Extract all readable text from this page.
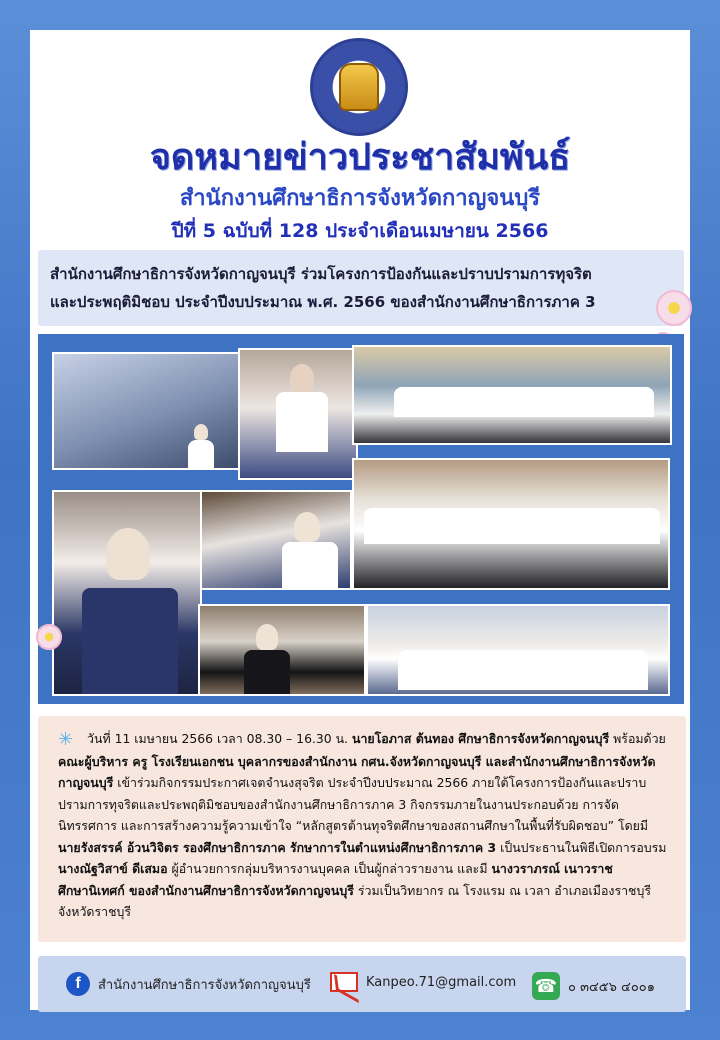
จดหมายข่าวประชาสัมพันธ์
สำนักงานศึกษาธิการจังหวัดกาญจนบุรี
ปีที่ 5 ฉบับที่ 128 ประจำเดือนเมษายน 2566
สำนักงานศึกษาธิการจังหวัดกาญจนบุรี ร่วมโครงการป้องกันและปราบปรามการทุจริต
และประพฤติมิชอบ ประจำปีงบประมาณ พ.ศ. 2566 ของสำนักงานศึกษาธิการภาค 3

✳ วันที่ 11 เมษายน 2566 เวลา 08.30 – 16.30 น. นายโอภาส ต้นทอง ศึกษาธิการจังหวัดกาญจนบุรี พร้อมด้วยคณะผู้บริหาร ครู โรงเรียนเอกชน บุคลากรของสำนักงาน กศน.จังหวัดกาญจนบุรี และสำนักงานศึกษาธิการจังหวัดกาญจนบุรี เข้าร่วมกิจกรรมประกาศเจตจำนงสุจริต ประจำปีงบประมาณ 2566 ภายใต้โครงการป้องกันและปราบปรามการทุจริตและประพฤติมิชอบของสำนักงานศึกษาธิการภาค 3 กิจกรรมภายในงานประกอบด้วย การจัดนิทรรศการ และการสร้างความรู้ความเข้าใจ “หลักสูตรต้านทุจริตศึกษาของสถานศึกษาในพื้นที่รับผิดชอบ” โดยมี นายรังสรรค์ อ้วนวิจิตร รองศึกษาธิการภาค รักษาการในตำแหน่งศึกษาธิการภาค 3 เป็นประธานในพิธีเปิดการอบรม นางณัฐวิสาข์ ดีเสมอ ผู้อำนวยการกลุ่มบริหารงานบุคคล เป็นผู้กล่าวรายงาน และมี นางวราภรณ์ เนาวราช ศึกษานิเทศก์ ของสำนักงานศึกษาธิการจังหวัดกาญจนบุรี ร่วมเป็นวิทยากร ณ โรงแรม ณ เวลา อำเภอเมืองราชบุรี จังหวัดราชบุรี

f	สำนักงานศึกษาธิการจังหวัดกาญจนบุรี	Kanpeo.71@gmail.com ☎ ๐ ๓๔๕๖ ๔๐๐๑
